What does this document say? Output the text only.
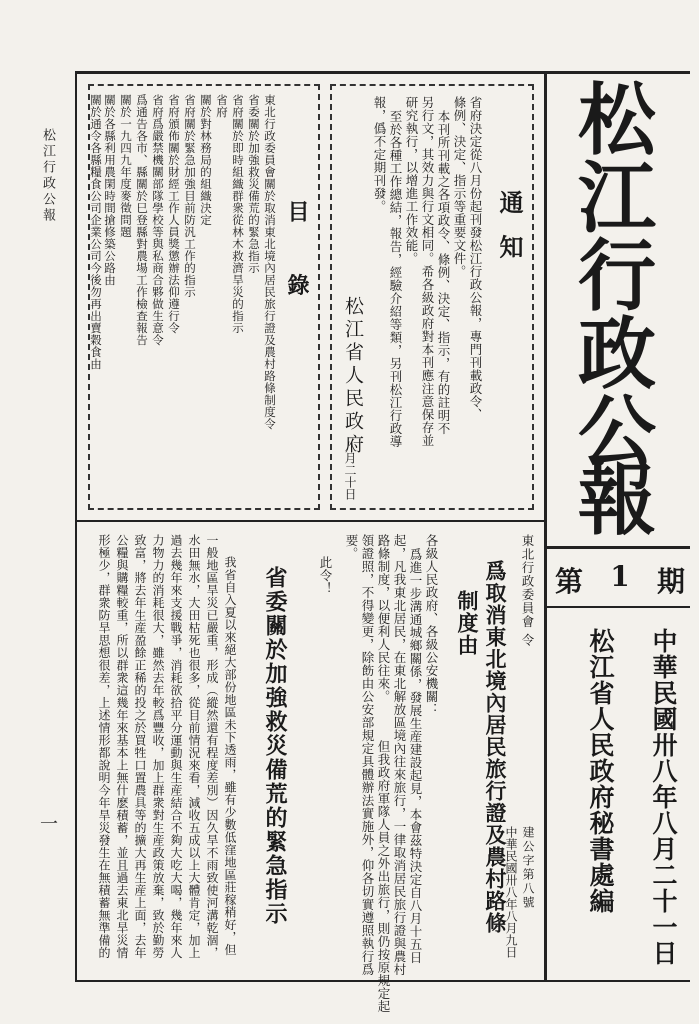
松江行政公報
一
松
江
行
政
公
報
第 1 期
中華民國卅八年八月二十一日
松江省人民政府秘書處編
通 知
省府決定從八月份起刊發松江行政公報，專門刊載政令、
條例、決定、指示等重要文件。
本刊所刊載之各項政令、條例、決定、指示，有的註明不
另行文，其效力與行文相同。希各級政府對本刊應注意保存並
研究執行，以增進工作效能。
至於各種工作總結，報告，經驗介紹等類，另刊松江行政導
報，僞不定期刊發。
松江省人民政府
八月二十日
目 錄
東北行政委員會關於取消東北境內居民旅行證及農村路條制度令
省委關於加強救災備荒的緊急指示
省府關於即時組織群衆從林木救濟旱災的指示
省府
關於對林務局的組織決定
省府關於緊急加強目前防汎工作的指示
省府頒佈關於財經工作人員獎懲辦法仰遵行令
省府爲嚴禁機關部隊學校等與私商合夥做生意令
爲通告各市、縣關於巳登縣對農場工作檢查報告
關於一九四九年度麥徵問題
關於各縣利用農閑時間搶修築公路由
關於通令各縣糧食公司企業公司今後勿再出賣穀食由
東北行政委員會 令
爲取消東北境內居民旅行證及農村路條
制度由
建公字第八號
中華民國卅八年八月九日
各級人民政府、各級公安機關：
爲進一步溝通城鄉關係，發展生産建設起見，本會茲特決定自八月十五日
起，凡我東北居民，在東北解放區境內往來旅行，一律取消居民旅行證與農村
路條制度，以便利人民往來。
但我政府軍隊人員之外出旅行，則仍按原規定起
領證照，不得變更，除飭由公安部規定具體辦法實施外，仰各切實遵照執行爲
要。
此令！
省委關於加強救災備荒的緊急指示
我省自入夏以來絕大部份地區未下透雨，雖有少數低窪地區莊稼稍好，但
一般地區旱災已嚴重，形成（縱然還有程度差別）因久旱不雨致使河溝乾涸，
水田無水，大田枯死也很多，從目前情況來看，減收五成以上大體肯定，加上
過去幾年來支援戰爭，消耗欲拾平分運動與生産結合不夠大吃大喝，幾年來人
力物力的消耗很大，雖然去年較爲豐收，加上群衆對生産政策放棄，致於勤勞
致富，將去年生産盈餘正稀的投之於買牲口置農具等的擴大再生産上面，去年
公糧與購糧較重，所以群衆這幾年來基本上無什麽積蓄，並且過去東北旱災情
形極少，群衆防旱思想很差，上述情形都說明今年旱災發生在無積蓄無準備的
